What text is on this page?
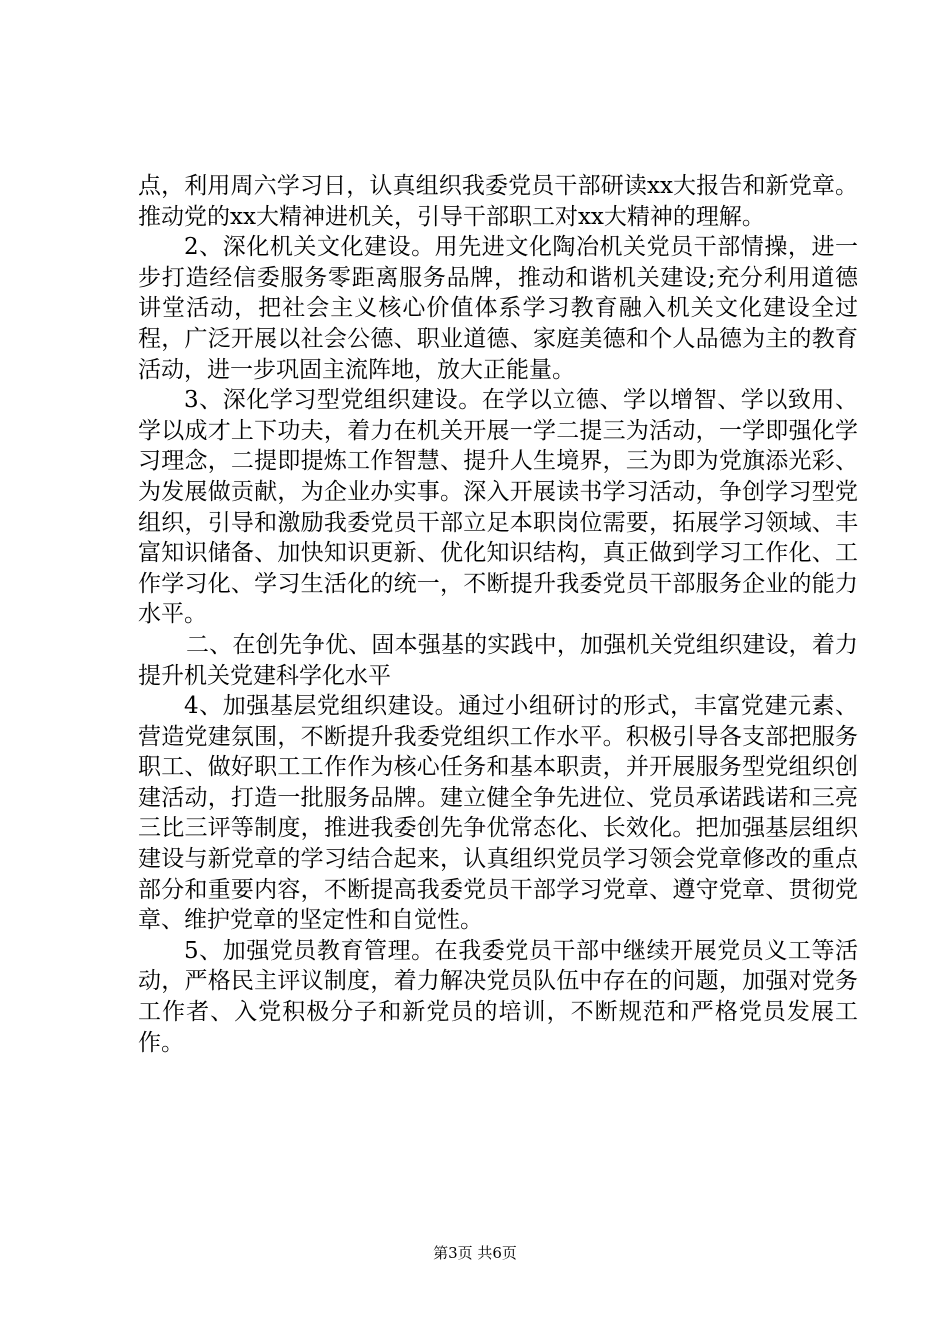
点，利用周六学习日，认真组织我委党员干部研读xx大报告和新党章。推动党的xx大精神进机关，引导干部职工对xx大精神的理解。

2、深化机关文化建设。用先进文化陶冶机关党员干部情操，进一步打造经信委服务零距离服务品牌，推动和谐机关建设;充分利用道德讲堂活动，把社会主义核心价值体系学习教育融入机关文化建设全过程，广泛开展以社会公德、职业道德、家庭美德和个人品德为主的教育活动，进一步巩固主流阵地，放大正能量。

3、深化学习型党组织建设。在学以立德、学以增智、学以致用、学以成才上下功夫，着力在机关开展一学二提三为活动，一学即强化学习理念，二提即提炼工作智慧、提升人生境界，三为即为党旗添光彩、为发展做贡献，为企业办实事。深入开展读书学习活动，争创学习型党组织，引导和激励我委党员干部立足本职岗位需要，拓展学习领域、丰富知识储备、加快知识更新、优化知识结构，真正做到学习工作化、工作学习化、学习生活化的统一，不断提升我委党员干部服务企业的能力水平。

二、在创先争优、固本强基的实践中，加强机关党组织建设，着力提升机关党建科学化水平

4、加强基层党组织建设。通过小组研讨的形式，丰富党建元素、营造党建氛围，不断提升我委党组织工作水平。积极引导各支部把服务职工、做好职工工作作为核心任务和基本职责，并开展服务型党组织创建活动，打造一批服务品牌。建立健全争先进位、党员承诺践诺和三亮三比三评等制度，推进我委创先争优常态化、长效化。把加强基层组织建设与新党章的学习结合起来，认真组织党员学习领会党章修改的重点部分和重要内容，不断提高我委党员干部学习党章、遵守党章、贯彻党章、维护党章的坚定性和自觉性。

5、加强党员教育管理。在我委党员干部中继续开展党员义工等活动，严格民主评议制度，着力解决党员队伍中存在的问题，加强对党务工作者、入党积极分子和新党员的培训，不断规范和严格党员发展工作。

第3页 共6页
